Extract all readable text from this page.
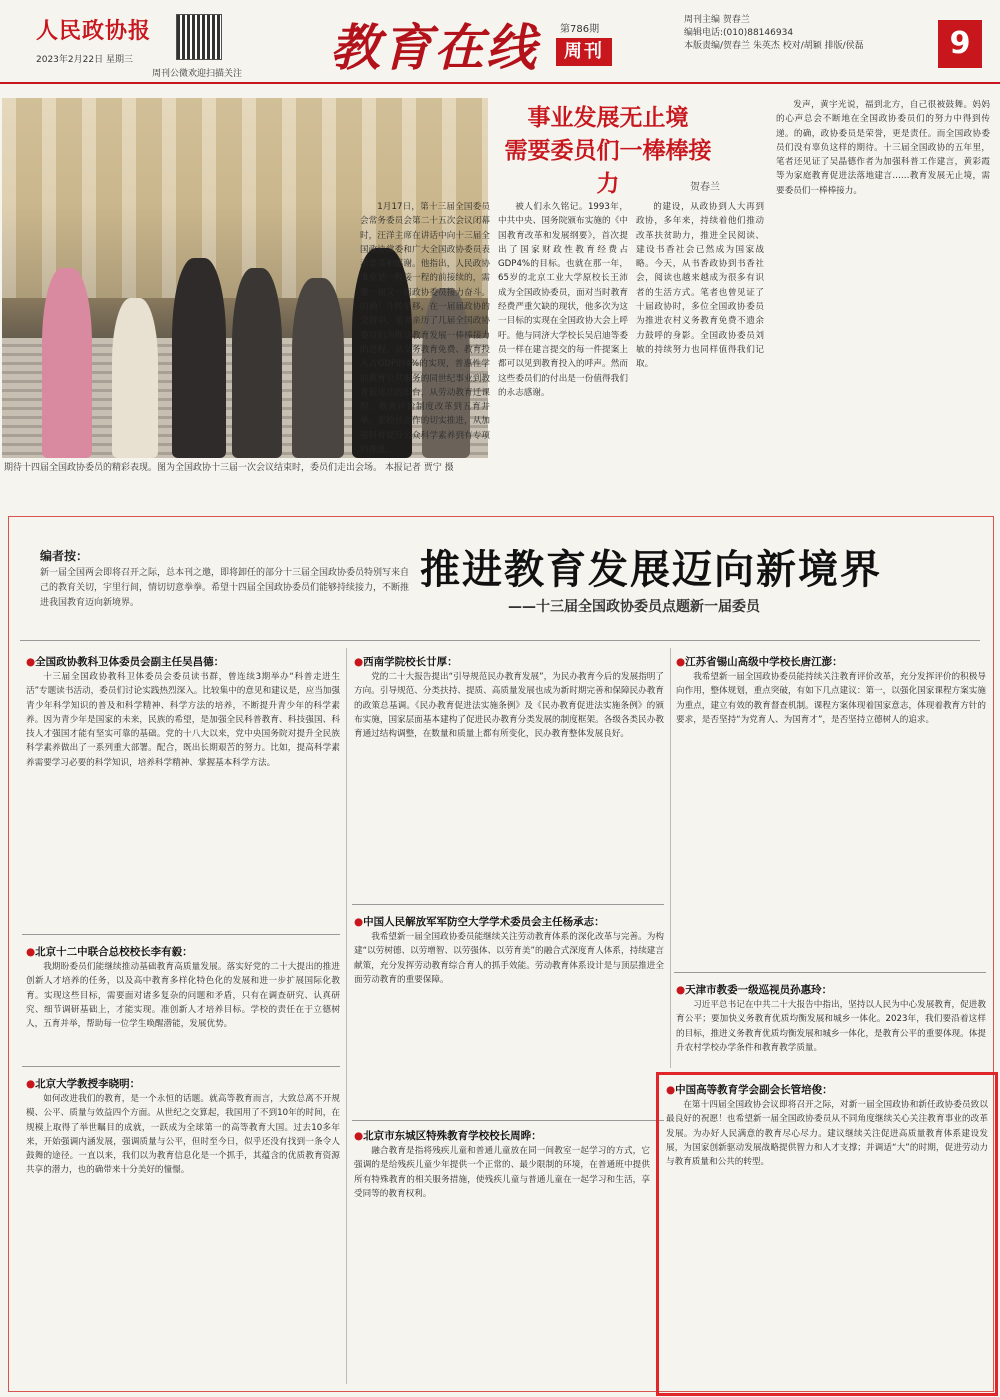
人民政协报
2023年2月22日 星期三
周刊公微欢迎扫描关注 教育在线 第786期
周刊
周刊主编 贺春兰
编辑电话:(010)88146934
本版责编/贺春兰 朱英杰 校对/胡颖 排版/侯磊	9
期待十四届全国政协委员的精彩表现。图为全国政协十三届一次会议结束时，委员们走出会场。 本报记者 贾宁 摄
事业发展无止境
需要委员们一棒棒接力	贺春兰

1月17日，第十三届全国委员会常务委员会第二十五次会议闭幕时，汪洋主席在讲话中向十三届全国政协常委和广大全国政协委员表示崇高和感谢。他指出，人民政协事业是一程接一程的前接续的，需要一届又一届政协委员接力奋斗。的确！斗转星移，在一届届政协的交替中，笔者亲历了几届全国政协委员们为推动教育发展一棒棒接力的进程。从义务教育免费、教育投入占GDP的4%的实现，普惠性学前教育公共服务的同世纪事业到教育低迷法的出台，从劳动教育迁课程、教育评价制度改革到五育并举，家校社合作的切实推进，从加强科普提升公众科学素养到有专项的推进。

被人们永久铭记。1993年，中共中央、国务院颁布实施的《中国教育改革和发展纲要》，首次提出了国家财政性教育经费占GDP4%的目标。也就在那一年，65岁的北京工业大学原校长王沛成为全国政协委员，面对当时教育经费严重欠缺的现状，他多次为这一目标的实现在全国政协大会上呼吁。他与同济大学校长吴启迪等委员一样在建言提交的每一件提案上都可以见到教育投入的呼声。然而这些委员们的付出是一份值得我们的永志感谢。

的建设，从政协到人大再到政协，多年来，持续着他们推动改革扶贫助力，推进全民阅读、建设书香社会已然成为国家战略。今天，从书香政协到书香社会，阅读也越来越成为很多有识者的生活方式。笔者也曾见证了十届政协时，多位全国政协委员为推进农村义务教育免费不遗余力鼓呼的身影。全国政协委员刘敏的持续努力也同样值得我们记取。

发声，黄宇光说，福到北方，自己很被鼓舞。妈妈的心声总会不断地在全国政协委员们的努力中得到传递。的确，政协委员是荣誉，更是责任。而全国政协委员们没有辜负这样的期待。十三届全国政协的五年里，笔者还见证了吴晶德作者为加强科普工作建言，黄彩霞等为家庭教育促进法落地建言……教育发展无止境，需要委员们一棒棒接力。

编者按：
新一届全国两会即将召开之际，总本刊之邀，即将卸任的部分十三届全国政协委员特别写来自己的教育关切，宇里行间，情切切意拳拳。希望十四届全国政协委员们能够持续接力，不断推进我国教育迈向新境界。
推进教育发展迈向新境界
——十三届全国政协委员点题新一届委员
●全国政协教科卫体委员会副主任吴昌德：

十三届全国政协教科卫体委员会委员读书群，曾连续3期举办“科普走进生活”专题读书活动，委员们讨论实践热烈深入。比较集中的意见和建议是，应当加强青少年科学知识的普及和科学精神、科学方法的培养，不断提升青少年的科学素养。因为青少年是国家的未来，民族的希望，是加强全民科普教育、科技强国、科技人才强国才能有坚实可靠的基础。党的十八大以来，党中央国务院对提升全民族科学素养做出了一系列重大部署。配合，既出长期艰苦的努力。比如，提高科学素养需要学习必要的科学知识，培养科学精神、掌握基本科学方法。

●北京十二中联合总校校长李有毅：

我期盼委员们能继续推动基础教育高质量发展。落实好党的二十大提出的推进创新人才培养的任务，以及高中教育多样化特色化的发展和进一步扩展国际化教育。实现这些目标，需要面对诸多复杂的问题和矛盾，只有在调查研究、认真研究、细节调研基础上，才能实现。准创新人才培养目标。学校的责任在于立德树人，五育并举，帮助每一位学生唤醒潜能，发展优势。

●北京大学教授李晓明：

如何改进我们的教育，是一个永恒的话题。就高等教育而言，大致总离不开规模、公平、质量与效益四个方面。从世纪之交算起，我国用了不到10年的时间，在规模上取得了举世瞩目的成就，一跃成为全球第一的高等教育大国。过去10多年来，开始强调内涵发展，强调质量与公平，但时至今日，似乎还没有找到一条令人鼓舞的途径。一直以来，我们以为教育信息化是一个抓手，其蕴含的优质教育资源共享的潜力，也的确带来十分美好的憧憬。

●西南学院校长廿厚：

党的二十大报告提出“引导规范民办教育发展”，为民办教育今后的发展指明了方向。引导规范、分类扶持、提质、高质量发展也成为新时期完善和保障民办教育的政策总基调。《民办教育促进法实施条例》及《民办教育促进法实施条例》的颁布实施，国家层面基本建构了促进民办教育分类发展的制度框架。各级各类民办教育通过结构调整，在数量和质量上都有所变化，民办教育整体发展良好。

●中国人民解放军军防空大学学术委员会主任杨承志：

我希望新一届全国政协委员能继续关注劳动教育体系的深化改革与完善。为构建“以劳树德、以劳增智、以劳强体、以劳育美”的融合式深度育人体系，持续建言献策，充分发挥劳动教育综合育人的抓手效能。劳动教育体系设计是与顶层推进全面劳动教育的重要保障。

●北京市东城区特殊教育学校校长周晔：

融合教育是指将残疾儿童和普通儿童放在同一间教室一起学习的方式，它强调的是给残疾儿童少年提供一个正常的、最少限制的环境，在普通班中提供所有特殊教育的相关服务措施，使残疾儿童与普通儿童在一起学习和生活，享受同等的教育权利。

●江苏省锡山高级中学校长唐江澎：

我希望新一届全国政协委员能持续关注教育评价改革，充分发挥评价的积极导向作用，整体规划，重点突破，有如下几点建议：第一，以强化国家课程方案实施为重点，建立有效的教育督查机制。课程方案体现着国家意志，体现着教育方针的要求，是否坚持“为党育人、为国育才”，是否坚持立德树人的追求。

●天津市教委一级巡视员孙惠玲：

习近平总书记在中共二十大报告中指出，坚持以人民为中心发展教育，促进教育公平；要加快义务教育优质均衡发展和城乡一体化。2023年，我们要沿着这样的目标，推进义务教育优质均衡发展和城乡一体化，是教育公平的重要体现。体提升农村学校办学条件和教育教学质量。

●中国高等教育学会副会长管培俊：

在第十四届全国政协会议即将召开之际，对新一届全国政协和新任政协委员致以最良好的祝愿！也希望新一届全国政协委员从不同角度继续关心关注教育事业的改革发展。为办好人民满意的教育尽心尽力。建议继续关注促进高质量教育体系建设发展，为国家创新驱动发展战略提供智力和人才支撑；并调适“大”的时期，促进劳动力与教育质量和公共的转型。
